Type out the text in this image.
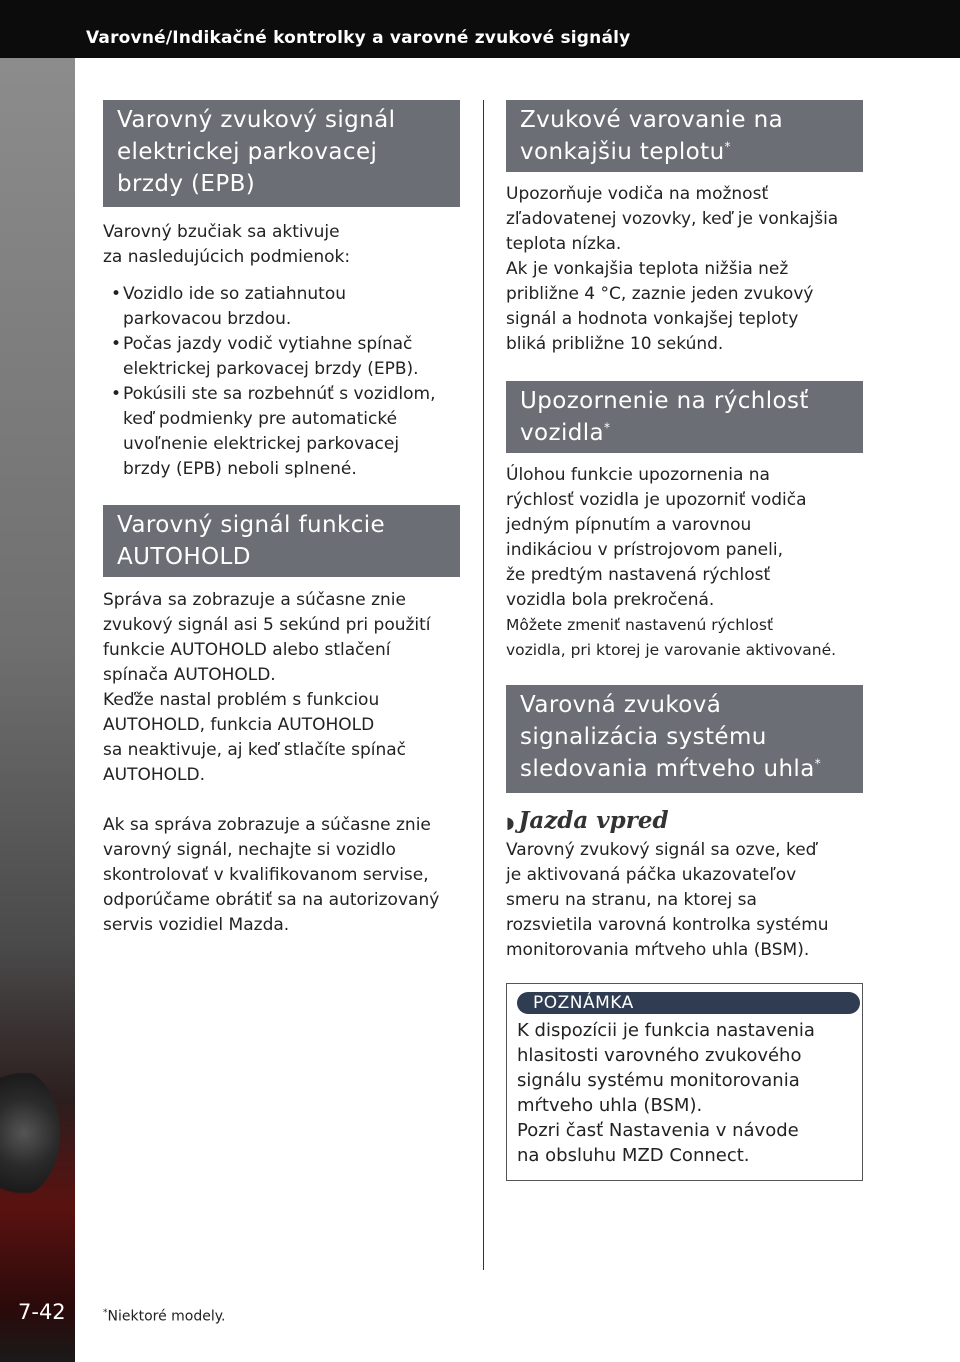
Varovné/Indikačné kontrolky a varovné zvukové signály
7-42
Varovný zvukový signál
elektrickej parkovacej
brzdy (EPB)

Varovný bzučiak sa aktivuje
za nasledujúcich podmienok:

• Vozidlo ide so zatiahnutou
parkovacou brzdou.
• Počas jazdy vodič vytiahne spínač
elektrickej parkovacej brzdy (EPB).
• Pokúsili ste sa rozbehnúť s vozidlom,
keď podmienky pre automatické
uvoľnenie elektrickej parkovacej
brzdy (EPB) neboli splnené.
Varovný signál funkcie
AUTOHOLD

Správa sa zobrazuje a súčasne znie
zvukový signál asi 5 sekúnd pri použití
funkcie AUTOHOLD alebo stlačení
spínača AUTOHOLD.
Keďže nastal problém s funkciou
AUTOHOLD, funkcia AUTOHOLD
sa neaktivuje, aj keď stlačíte spínač
AUTOHOLD.

Ak sa správa zobrazuje a súčasne znie
varovný signál, nechajte si vozidlo
skontrolovať v kvalifikovanom servise,
odporúčame obrátiť sa na autorizovaný
servis vozidiel Mazda.

Zvukové varovanie na
vonkajšiu teplotu*

Upozorňuje vodiča na možnosť
zľadovatenej vozovky, keď je vonkajšia
teplota nízka.
Ak je vonkajšia teplota nižšia než
približne 4 °C, zaznie jeden zvukový
signál a hodnota vonkajšej teploty
bliká približne 10 sekúnd.

Upozornenie na rýchlosť
vozidla*

Úlohou funkcie upozornenia na
rýchlosť vozidla je upozorniť vodiča
jedným pípnutím a varovnou
indikáciou v prístrojovom paneli,
že predtým nastavená rýchlosť
vozidla bola prekročená.

Môžete zmeniť nastavenú rýchlosť
vozidla, pri ktorej je varovanie aktivované.

Varovná zvuková
signalizácia systému
sledovania mŕtveho uhla*
◗ Jazda vpred

Varovný zvukový signál sa ozve, keď
je aktivovaná páčka ukazovateľov
smeru na stranu, na ktorej sa
rozsvietila varovná kontrolka systému
monitorovania mŕtveho uhla (BSM).

POZNÁMKA
K dispozícii je funkcia nastavenia
hlasitosti varovného zvukového
signálu systému monitorovania
mŕtveho uhla (BSM).
Pozri časť Nastavenia v návode
na obsluhu MZD Connect.
*Niektoré modely.
